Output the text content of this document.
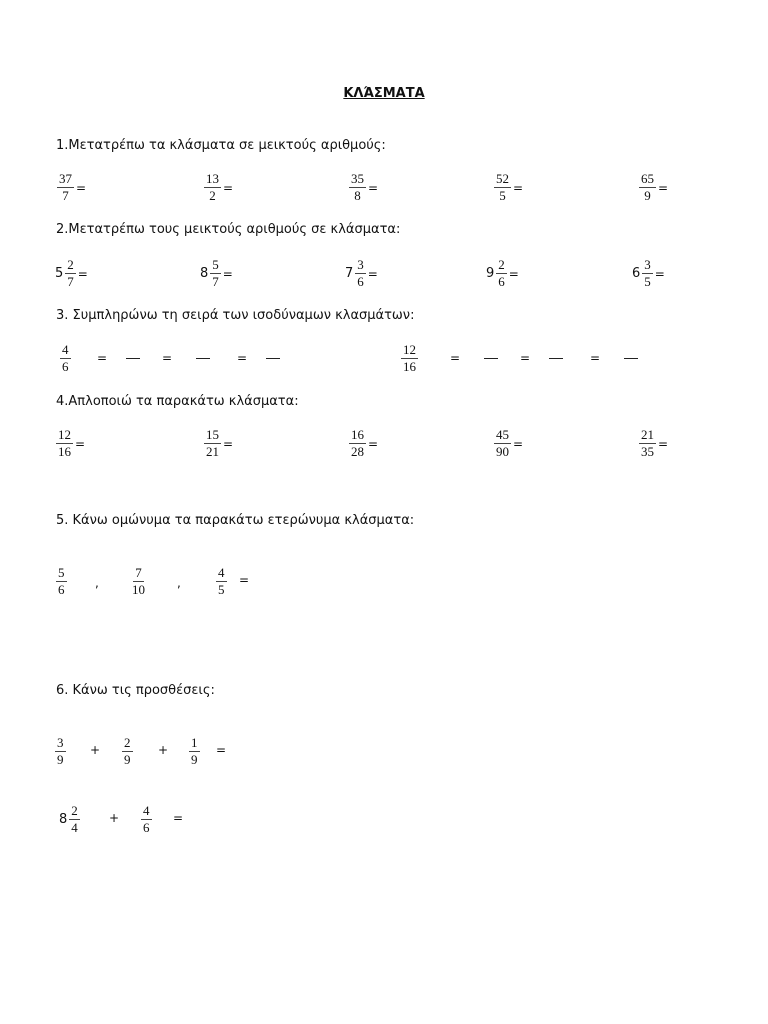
ΚΛΆΣΜΑΤΑ
1.Μετατρέπω τα κλάσματα σε μεικτούς αριθμούς:
$\frac{37}{7}$ =	$\frac{13}{2}$ =	$\frac{35}{8}$ =	$\frac{52}{5}$ =	$\frac{65}{9}$ =
2.Μετατρέπω τους μεικτούς αριθμούς σε κλάσματα:
$5 \frac{2}{7}$ =	$8 \frac{5}{7}$ =	$7 \frac{3}{6}$ =	$9 \frac{2}{6}$ =	$6 \frac{3}{5}$ =
3. Συμπληρώνω τη σειρά των ισοδύναμων κλασμάτων:
$\frac{4}{6}$ =	=	=	$\frac{12}{16}$	=	=	=
4.Απλοποιώ τα παρακάτω κλάσματα:
$\frac{12}{16}$ =	$\frac{15}{21}$ =	$\frac{16}{28}$ =	$\frac{45}{90}$ =	$\frac{21}{35}$ =
5. Κάνω ομώνυμα τα παρακάτω ετερώνυμα κλάσματα:
$\frac{5}{6}$ , $\frac{7}{10}$	,	$\frac{4}{5}$ =
6. Κάνω τις προσθέσεις:
$\frac{3}{9} + \frac{2}{9} + \frac{1}{9}$ =
$8 \frac{2}{4} + \frac{4}{6}$ =
